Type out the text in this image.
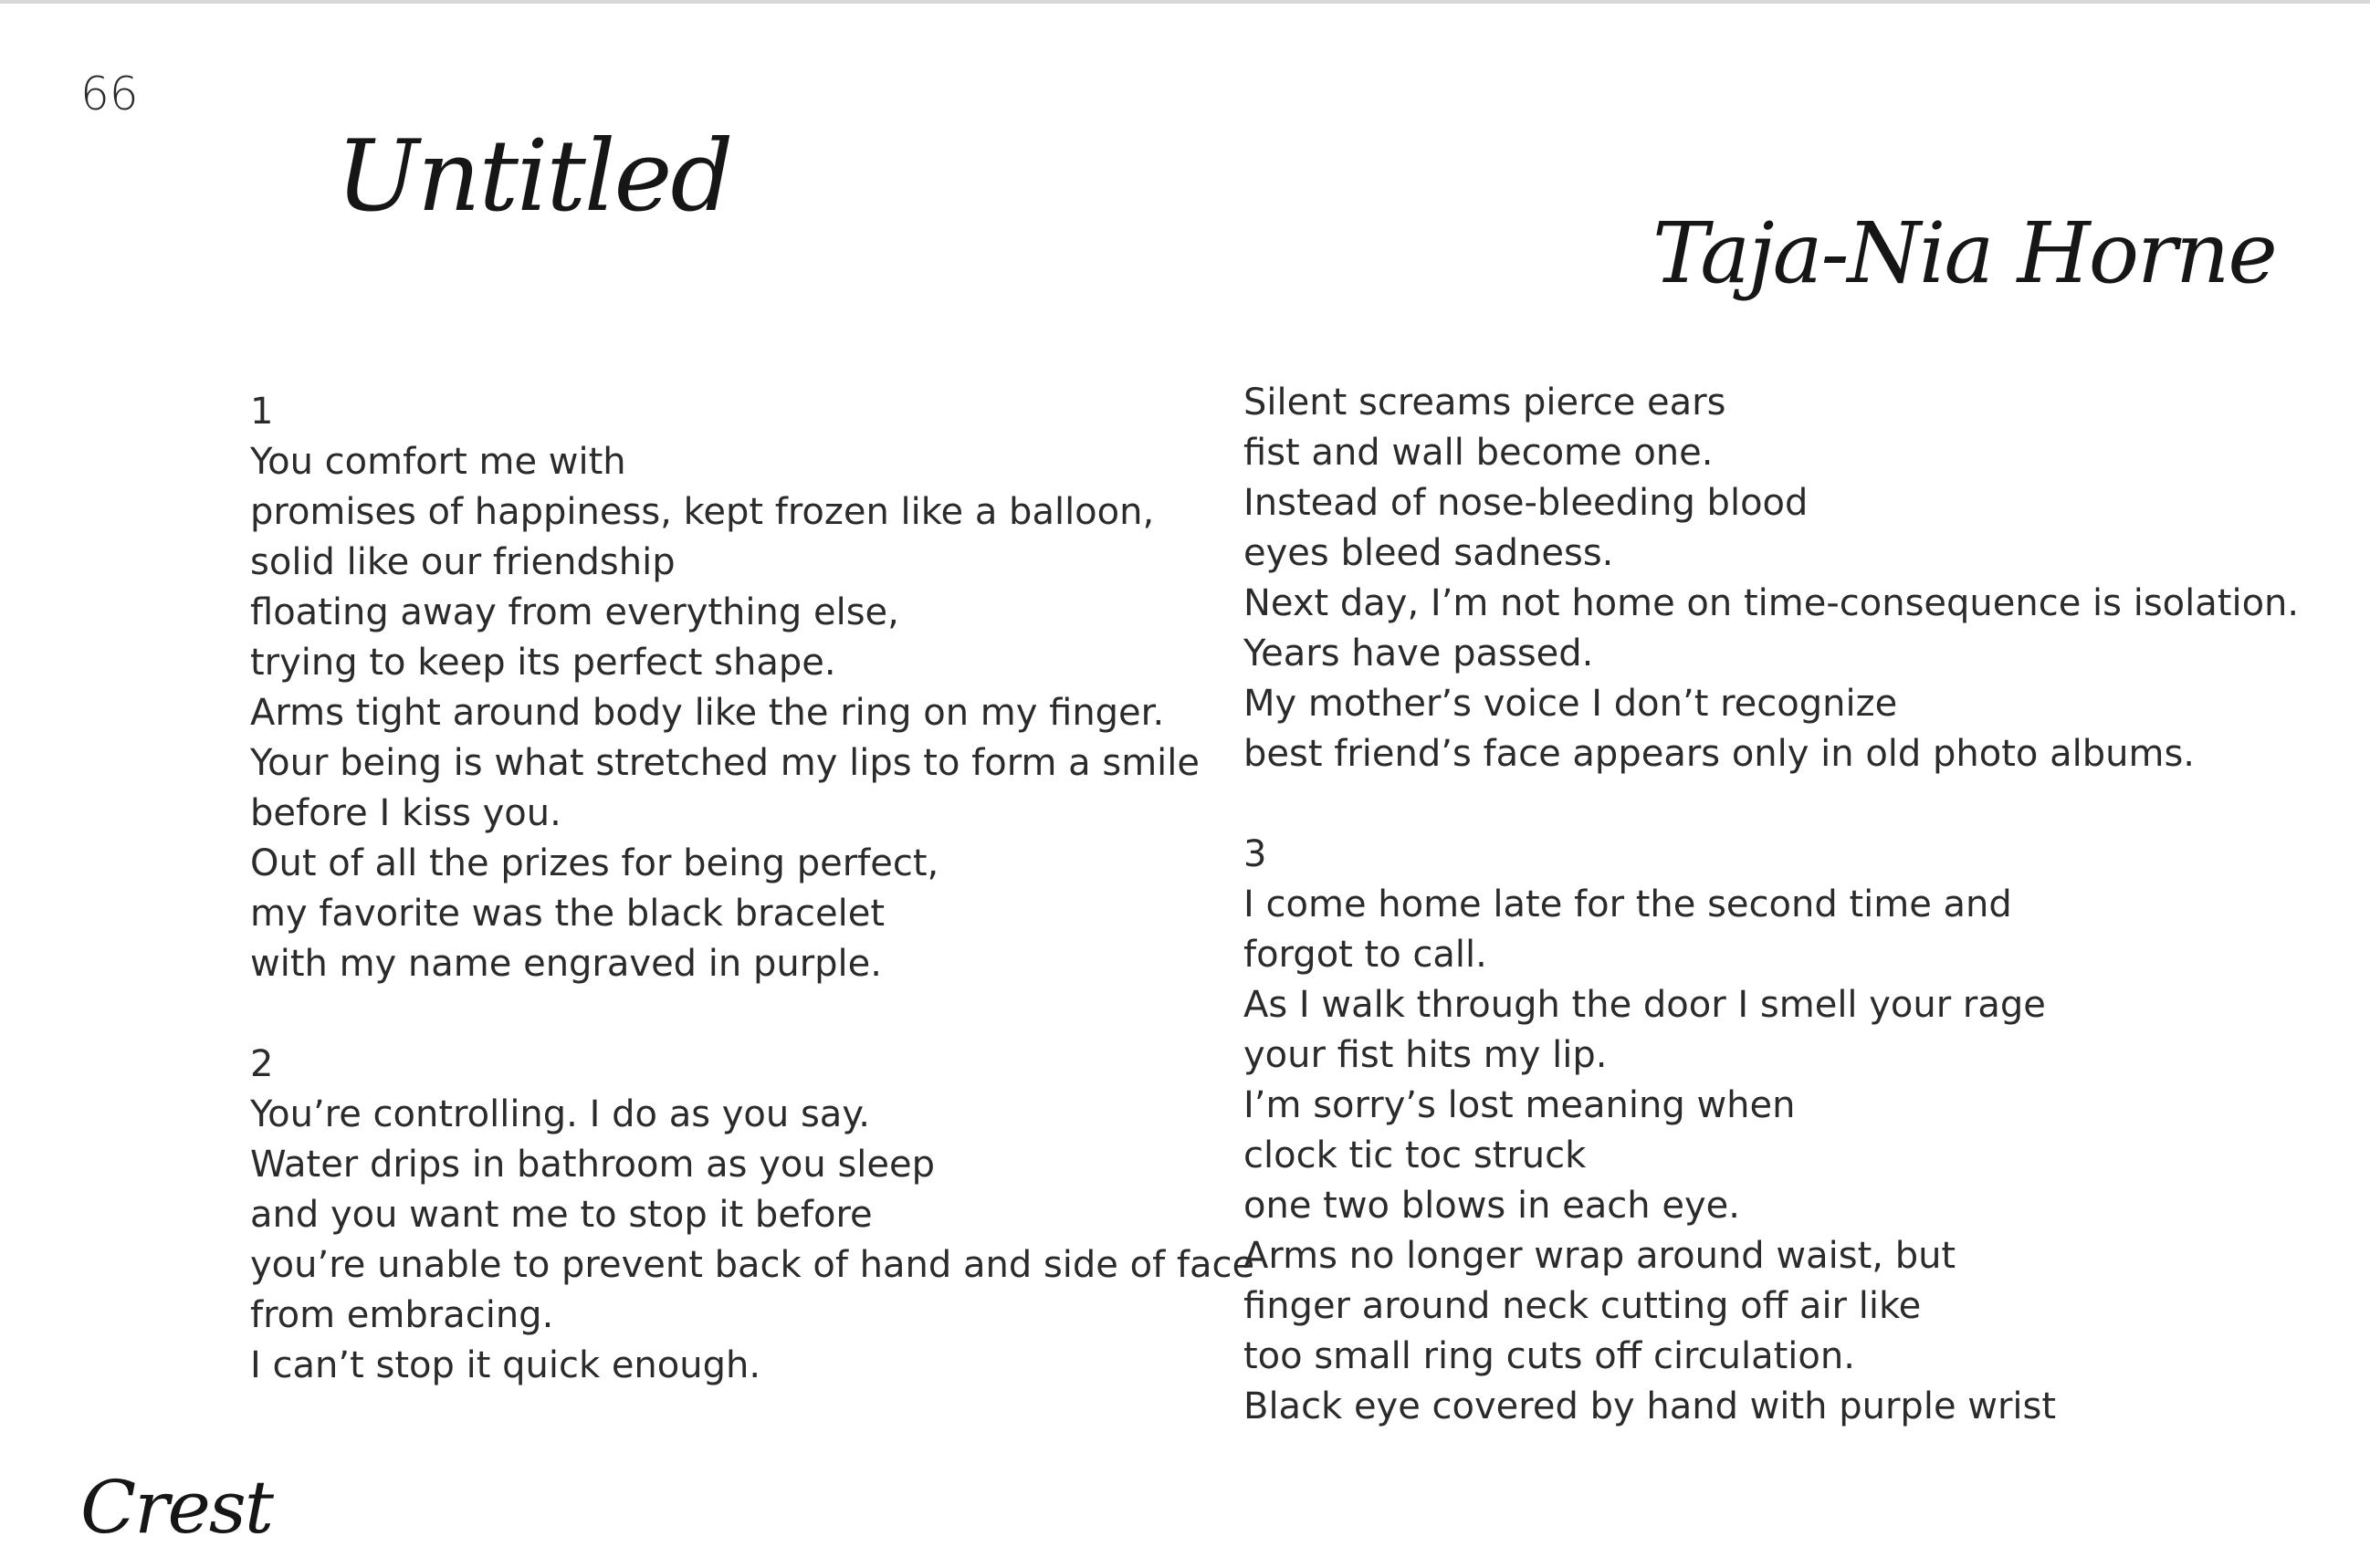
66
Untitled
Taja-Nia Horne
1
You comfort me with
promises of happiness, kept frozen like a balloon,
solid like our friendship
floating away from everything else,
trying to keep its perfect shape.
Arms tight around body like the ring on my finger.
Your being is what stretched my lips to form a smile
before I kiss you.
Out of all the prizes for being perfect,
my favorite was the black bracelet
with my name engraved in purple.
2
You’re controlling. I do as you say.
Water drips in bathroom as you sleep
and you want me to stop it before
you’re unable to prevent back of hand and side of face
from embracing.
I can’t stop it quick enough.
Silent screams pierce ears
fist and wall become one.
Instead of nose-bleeding blood
eyes bleed sadness.
Next day, I’m not home on time-consequence is isolation.
Years have passed.
My mother’s voice I don’t recognize
best friend’s face appears only in old photo albums.
3
I come home late for the second time and
forgot to call.
As I walk through the door I smell your rage
your fist hits my lip.
I’m sorry’s lost meaning when
clock tic toc struck
one two blows in each eye.
Arms no longer wrap around waist, but
finger around neck cutting off air like
too small ring cuts off circulation.
Black eye covered by hand with purple wrist
Crest
